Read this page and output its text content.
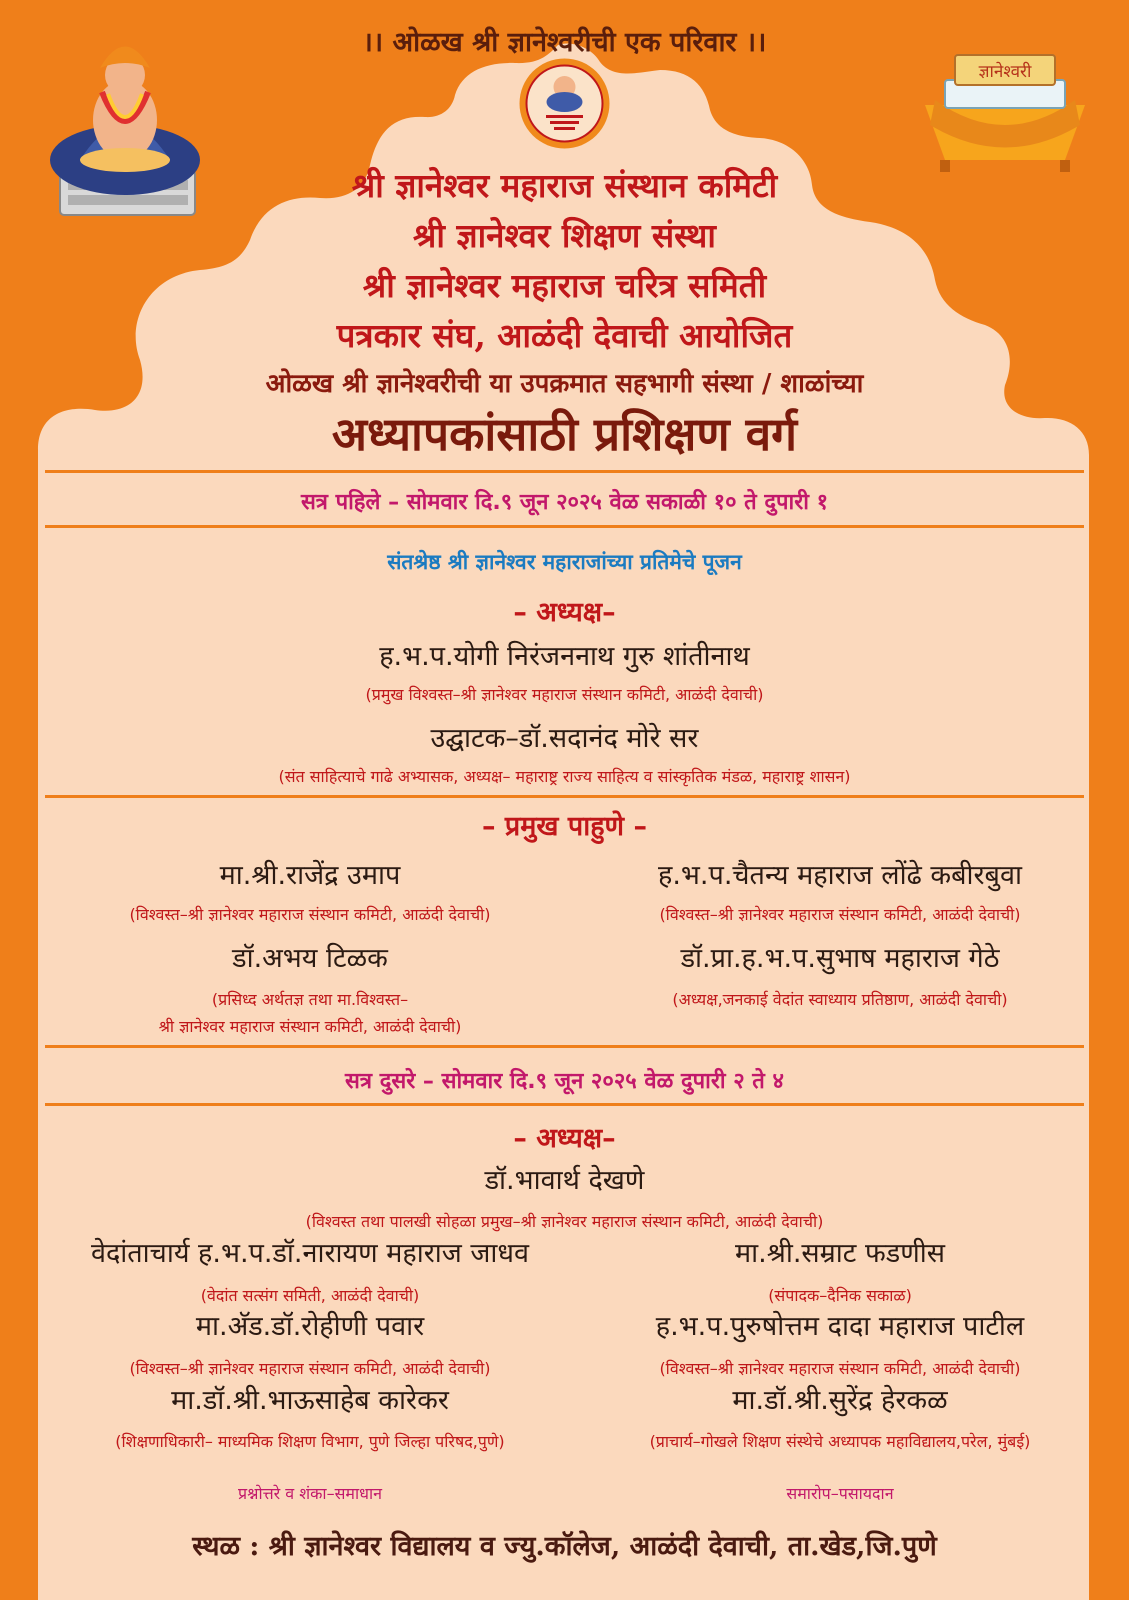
ज्ञानेश्वरी
।। ओळख श्री ज्ञानेश्वरीची एक परिवार ।।
श्री ज्ञानेश्वर महाराज संस्थान कमिटी
श्री ज्ञानेश्वर शिक्षण संस्था
श्री ज्ञानेश्वर महाराज चरित्र समिती
पत्रकार संघ, आळंदी देवाची आयोजित
ओळख श्री ज्ञानेश्वरीची या उपक्रमात सहभागी संस्था / शाळांच्या
अध्यापकांसाठी प्रशिक्षण वर्ग
सत्र पहिले – सोमवार दि.९ जून २०२५ वेळ सकाळी १० ते दुपारी १
संतश्रेष्ठ श्री ज्ञानेश्वर महाराजांच्या प्रतिमेचे पूजन
– अध्यक्ष–
ह.भ.प.योगी निरंजननाथ गुरु शांतीनाथ
(प्रमुख विश्वस्त–श्री ज्ञानेश्वर महाराज संस्थान कमिटी, आळंदी देवाची)
उद्घाटक–डॉ.सदानंद मोरे सर
(संत साहित्याचे गाढे अभ्यासक, अध्यक्ष– महाराष्ट्र राज्य साहित्य व सांस्कृतिक मंडळ, महाराष्ट्र शासन)
– प्रमुख पाहुणे –
मा.श्री.राजेंद्र उमाप
(विश्वस्त–श्री ज्ञानेश्वर महाराज संस्थान कमिटी, आळंदी देवाची)
ह.भ.प.चैतन्य महाराज लोंढे कबीरबुवा
(विश्वस्त–श्री ज्ञानेश्वर महाराज संस्थान कमिटी, आळंदी देवाची)
डॉ.अभय टिळक
(प्रसिध्द अर्थतज्ञ तथा मा.विश्वस्त–
श्री ज्ञानेश्वर महाराज संस्थान कमिटी, आळंदी देवाची)
डॉ.प्रा.ह.भ.प.सुभाष महाराज गेठे
(अध्यक्ष,जनकाई वेदांत स्वाध्याय प्रतिष्ठाण, आळंदी देवाची)
सत्र दुसरे – सोमवार दि.९ जून २०२५ वेळ दुपारी २ ते ४
– अध्यक्ष–
डॉ.भावार्थ देखणे
(विश्वस्त तथा पालखी सोहळा प्रमुख–श्री ज्ञानेश्वर महाराज संस्थान कमिटी, आळंदी देवाची)
वेदांताचार्य ह.भ.प.डॉ.नारायण महाराज जाधव
(वेदांत सत्संग समिती, आळंदी देवाची)
मा.श्री.सम्राट फडणीस
(संपादक–दैनिक सकाळ)
मा.अ‍ॅड.डॉ.रोहीणी पवार
(विश्वस्त–श्री ज्ञानेश्वर महाराज संस्थान कमिटी, आळंदी देवाची)
ह.भ.प.पुरुषोत्तम दादा महाराज पाटील
(विश्वस्त–श्री ज्ञानेश्वर महाराज संस्थान कमिटी, आळंदी देवाची)
मा.डॉ.श्री.भाऊसाहेब कारेकर
(शिक्षणाधिकारी– माध्यमिक शिक्षण विभाग, पुणे जिल्हा परिषद,पुणे)
मा.डॉ.श्री.सुरेंद्र हेरकळ
(प्राचार्य–गोखले शिक्षण संस्थेचे अध्यापक महाविद्यालय,परेल, मुंबई)
प्रश्नोत्तरे व शंका–समाधान	समारोप–पसायदान
स्थळ : श्री ज्ञानेश्वर विद्यालय व ज्यु.कॉलेज, आळंदी देवाची, ता.खेड,जि.पुणे
